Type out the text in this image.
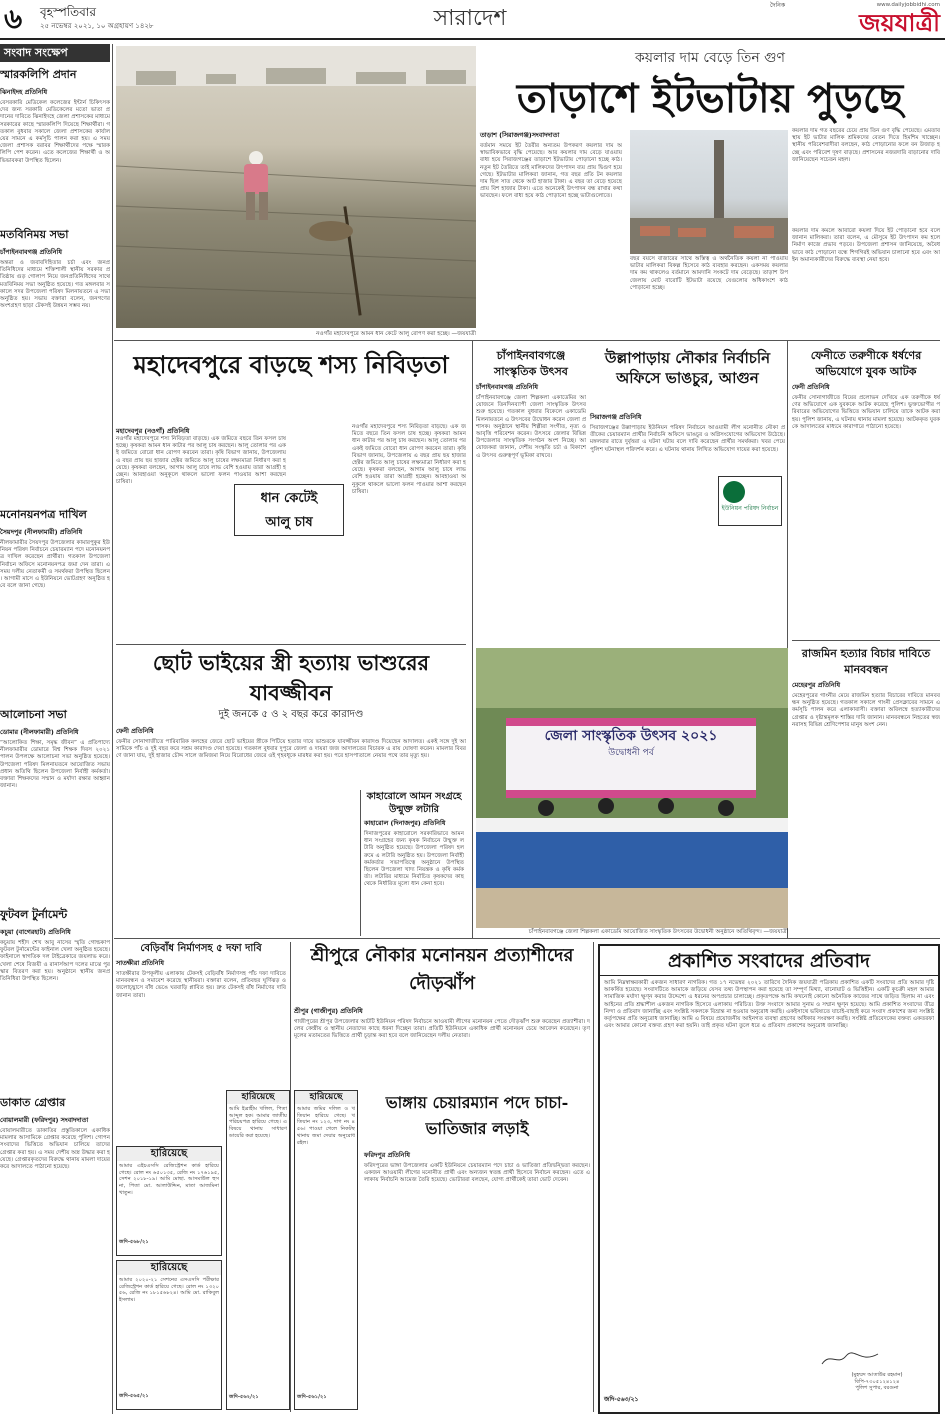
৬	বৃহস্পতিবার
২৫ নভেম্বর ২০২১, ১০ অগ্রহায়ণ ১৪২৮	সারাদেশ
দৈনিক	www.dailyjobbidhi.com
জয়যাত্রী
সংবাদ সংক্ষেপ
স্মারকলিপি প্রদান
ঝিনাইদহ প্রতিনিধি
বেসরকারি মেডিকেল কলেজের ইন্টার্ন চিকিৎসকদের জন্য সরকারি মেডিকেলের মতো ভাতা প্রদানের দাবিতে ঝিনাইদহে জেলা প্রশাসকের মাধ্যমে সরকারের কাছে স্মারকলিপি দিয়েছে শিক্ষার্থীরা। গতকাল বুধবার সকালে জেলা প্রশাসকের কার্যালয়ের সামনে এ কর্মসূচি পালন করা হয়। এ সময় জেলা প্রশাসক বরাবর শিক্ষার্থীদের পক্ষে স্মারকলিপি পেশ করেন। এতে কলেজের শিক্ষার্থী ও অভিভাবকরা উপস্থিত ছিলেন।
মতবিনিময় সভা
চাঁপাইনবাবগঞ্জ প্রতিনিধি
অন্তরা ও জবাবদিহিতার চর্চা এবং জনপ্রতিনিধিদের মাধ্যমে শক্তিশালী স্থানীয় সরকার প্রতিষ্ঠায় গুড় গোলাপ নিয়ে জনপ্রতিনিধিদের সাথে মতবিনিময় সভা অনুষ্ঠিত হয়েছে। গত মঙ্গলবার সকালে সদর উপজেলা পরিষদ মিলনায়তনে এ সভা অনুষ্ঠিত হয়। সভায় বক্তারা বলেন, জনগণের অংশগ্রহণ ছাড়া টেকসই উন্নয়ন সম্ভব নয়।
মনোনয়নপত্র দাখিল
সৈয়দপুর (নীলফামারী) প্রতিনিধি
নীলফামারীর সৈয়দপুর উপজেলার কামারপুকুর ইউনিয়ন পরিষদ নির্বাচনে চেয়ারম্যান পদে মনোনয়নপত্র দাখিল করেছেন প্রার্থীরা। গতকাল উপজেলা নির্বাচন অফিসে মনোনয়নপত্র জমা দেন তারা। এ সময় দলীয় নেতাকর্মী ও সমর্থকরা উপস্থিত ছিলেন। আগামী মাসে এ ইউনিয়নে ভোটগ্রহণ অনুষ্ঠিত হবে বলে জানা গেছে।
আলোচনা সভা
ডোমার (নীলফামারী) প্রতিনিধি
“আলোকিত শিক্ষা, সমৃদ্ধ জীবন” এ প্রতিপাদ্যে নীলফামারীর ডোমারে বিশ্ব শিক্ষক দিবস ২০২১ পালন উপলক্ষে আলোচনা সভা অনুষ্ঠিত হয়েছে। উপজেলা পরিষদ মিলনায়তনে আয়োজিত সভায় প্রধান অতিথি ছিলেন উপজেলা নির্বাহী কর্মকর্তা। বক্তারা শিক্ষকদের সম্মান ও মর্যাদা রক্ষার আহ্বান জানান।
ফুটবল টুর্নামেন্ট
কচুয়া (বাগেরহাট) প্রতিনিধি
কচুয়ায় শহীদ শেখ আবু নাসের স্মৃতি গোল্ডকাপ ফুটবল টুর্নামেন্টের ফাইনাল খেলা অনুষ্ঠিত হয়েছে। ফাইনালে স্বাগতিক দল টাইব্রেকারে জয়লাভ করে। খেলা শেষে বিজয়ী ও রানার্সআপ দলের মাঝে পুরস্কার বিতরণ করা হয়। অনুষ্ঠানে স্থানীয় জনপ্রতিনিধিরা উপস্থিত ছিলেন।
ডাকাত গ্রেপ্তার
বোয়ালমারী (ফরিদপুর) সংবাদদাতা
বোয়ালমারীতে ডাকাতির প্রস্তুতিকালে একাধিক মামলার আসামিকে গ্রেপ্তার করেছে পুলিশ। গোপন সংবাদের ভিত্তিতে অভিযান চালিয়ে তাদের গ্রেপ্তার করা হয়। এ সময় দেশীয় অস্ত্র উদ্ধার করা হয়েছে। গ্রেপ্তারকৃতদের বিরুদ্ধে থানায় মামলা দায়ের করে আদালতে পাঠানো হয়েছে।
নওগাঁর মহাদেবপুরে আমন ধান কেটে আলু রোপণ করা হচ্ছে। —জয়যাত্রী
কয়লার দাম বেড়ে তিন গুণ
তাড়াশে ইটভাটায় পুড়ছে
তাড়াশ (সিরাজগঞ্জ)সংবাদদাতা
বর্তমান সময়ে ইট তৈরীর অন্যতম উপকরণ কয়লার দাম অস্বাভাবিকভাবে বৃদ্ধি পেয়েছে। আর কয়লার দাম বেড়ে যাওয়ায় বাধ্য হয়ে সিরাজগঞ্জের তাড়াশে ইটভাটায় পোড়ানো হচ্ছে কাঠ। নতুন ইট তৈরিতে তাই মালিকদের উৎপাদন ব্যয় প্রায় দ্বিগুণ হয়ে গেছে। ইটভাটার মালিকরা জানান, গত বছর প্রতি টন কয়লার দাম ছিল সাত থেকে আট হাজার টাকা। এ বছর তা বেড়ে হয়েছে প্রায় বিশ হাজার টাকা। এতে অনেকেই উৎপাদন বন্ধ রাখার কথা ভাবছেন। ফলে বাধ্য হয়ে কাঠ পোড়ানো হচ্ছে ভাটাগুলোতে।
বছর বয়সে বাজারের সাথে অস্তিত্ব ও অর্থনৈতিক কয়লা না পাওয়ায় ভাটার মালিকরা বিকল্প হিসেবে কাঠ ব্যবহার করছেন। একসময় কয়লার দাম কম থাকলেও বর্তমানে আমদানি সংকটে দাম বেড়েছে। তাড়াশ উপজেলায় মোট বারোটি ইটভাটা রয়েছে যেগুলোর অধিকাংশে কাঠ পোড়ানো হচ্ছে।
কয়লার দাম গত বছরের চেয়ে প্রায় তিন গুণ বৃদ্ধি পেয়েছে। এমতাবস্থায় ইট ভাটার মালিক শ্রমিকদের বেতন দিতে হিমশিম খাচ্ছেন। স্থানীয় পরিবেশবাদীরা বলছেন, কাঠ পোড়ানোর ফলে বন উজাড় হচ্ছে এবং পরিবেশ দূষণ বাড়ছে। প্রশাসনের নজরদারি বাড়ানোর দাবি জানিয়েছেন সচেতন মহল।
কয়লার দাম কমলে আবারো কয়লা দিয়ে ইট পোড়ানো হবে বলে জানান মালিকরা। তারা বলেন, এ মৌসুমে ইট উৎপাদন কম হলে নির্মাণ কাজে প্রভাব পড়বে। উপজেলা প্রশাসন জানিয়েছে, অবৈধভাবে কাঠ পোড়ানো বন্ধে শিগগিরই অভিযান চালানো হবে এবং আইন অমান্যকারীদের বিরুদ্ধে ব্যবস্থা নেয়া হবে।
মহাদেবপুরে বাড়ছে শস্য নিবিড়তা
মহাদেবপুর (নওগাঁ) প্রতিনিধি
নওগাঁর মহাদেবপুরে শস্য নিবিড়তা বাড়ছে। এক জমিতে বছরে তিন ফসল চাষ হচ্ছে। কৃষকরা আমন ধান কাটার পর আলু চাষ করছেন। আলু তোলার পর একই জমিতে বোরো ধান রোপণ করবেন তারা। কৃষি বিভাগ জানায়, উপজেলায় এ বছর প্রায় ছয় হাজার হেক্টর জমিতে আলু চাষের লক্ষ্যমাত্রা নির্ধারণ করা হয়েছে। কৃষকরা বলছেন, আগাম আলু চাষে লাভ বেশি হওয়ায় তারা আগ্রহী হচ্ছেন। আবহাওয়া অনুকূলে থাকলে ভালো ফলন পাওয়ার আশা করছেন চাষিরা।
ধান কেটেই
আলু চাষ
নওগাঁর মহাদেবপুরে শস্য নিবিড়তা বাড়ছে। এক জমিতে বছরে তিন ফসল চাষ হচ্ছে। কৃষকরা আমন ধান কাটার পর আলু চাষ করছেন। আলু তোলার পর একই জমিতে বোরো ধান রোপণ করবেন তারা। কৃষি বিভাগ জানায়, উপজেলায় এ বছর প্রায় ছয় হাজার হেক্টর জমিতে আলু চাষের লক্ষ্যমাত্রা নির্ধারণ করা হয়েছে। কৃষকরা বলছেন, আগাম আলু চাষে লাভ বেশি হওয়ায় তারা আগ্রহী হচ্ছেন। আবহাওয়া অনুকূলে থাকলে ভালো ফলন পাওয়ার আশা করছেন চাষিরা।
ছোট ভাইয়ের স্ত্রী হত্যায় ভাশুরের যাবজ্জীবন
দুই জনকে ৫ ও ২ বছর করে কারাদণ্ড
ফেনী প্রতিনিধি
ফেনীর সোনাগাজীতে পারিবারিক কলহের জেরে ছোট ভাইয়ের স্ত্রীকে পিটিয়ে হত্যার দায়ে ভাশুরকে যাবজ্জীবন কারাদণ্ড দিয়েছেন আদালত। একই সঙ্গে দুই আসামিকে পাঁচ ও দুই বছর করে সশ্রম কারাদণ্ড দেয়া হয়েছে। গতকাল বুধবার দুপুরে জেলা ও দায়রা জজ আদালতের বিচারক এ রায় ঘোষণা করেন। মামলার বিবরণে জানা যায়, দুই হাজার চৌদ্দ সালে জমিজমা নিয়ে বিরোধের জেরে ওই গৃহবধূকে মারধর করা হয়। পরে হাসপাতালে নেয়ার পথে তার মৃত্যু হয়।
চাঁপাইনবাবগঞ্জে সাংস্কৃতিক উৎসব
চাঁপাইনবাবগঞ্জ প্রতিনিধি
চাঁপাইনবাবগঞ্জে জেলা শিল্পকলা একাডেমির আয়োজনে তিনদিনব্যাপী জেলা সাংস্কৃতিক উৎসব শুরু হয়েছে। গতকাল বুধবার বিকেলে একাডেমি মিলনায়তনে এ উৎসবের উদ্বোধন করেন জেলা প্রশাসক। অনুষ্ঠানে স্থানীয় শিল্পীরা সংগীত, নৃত্য ও আবৃত্তি পরিবেশন করেন। উৎসবে জেলার বিভিন্ন উপজেলার সাংস্কৃতিক সংগঠন অংশ নিচ্ছে। আয়োজকরা জানান, দেশীয় সংস্কৃতি চর্চা ও বিকাশে এ উৎসব গুরুত্বপূর্ণ ভূমিকা রাখবে।
জেলা সাংস্কৃতিক উৎসব ২০২১
উদ্বোধনী পর্ব
চাঁপাইনবাবগঞ্জে জেলা শিল্পকলা একাডেমি আয়োজিত সাংস্কৃতিক উৎসবের উদ্বোধনী অনুষ্ঠানে অতিথিবৃন্দ। —জয়যাত্রী
কাহারোলে আমন সংগ্রহে উন্মুক্ত লটারি
কাহারোল (দিনাজপুর) প্রতিনিধি
দিনাজপুরের কাহারোলে সরকারিভাবে আমন ধান সংগ্রহের জন্য কৃষক নির্বাচনে উন্মুক্ত লটারি অনুষ্ঠিত হয়েছে। উপজেলা পরিষদ হলরুমে এ লটারি অনুষ্ঠিত হয়। উপজেলা নির্বাহী কর্মকর্তার সভাপতিত্বে অনুষ্ঠানে উপস্থিত ছিলেন উপজেলা খাদ্য নিয়ন্ত্রক ও কৃষি কর্মকর্তা। লটারির মাধ্যমে নির্বাচিত কৃষকদের কাছ থেকে নির্ধারিত মূল্যে ধান কেনা হবে।
উল্লাপাড়ায় নৌকার নির্বাচনি অফিসে ভাঙচুর, আগুন
সিরাজগঞ্জ প্রতিনিধি
সিরাজগঞ্জের উল্লাপাড়ায় ইউনিয়ন পরিষদ নির্বাচনে আওয়ামী লীগ মনোনীত নৌকা প্রতীকের চেয়ারম্যান প্রার্থীর নির্বাচনি অফিসে ভাঙচুর ও অগ্নিসংযোগের অভিযোগ উঠেছে। মঙ্গলবার রাতে দুর্বৃত্তরা এ ঘটনা ঘটায় বলে দাবি করেছেন প্রার্থীর সমর্থকরা। খবর পেয়ে পুলিশ ঘটনাস্থল পরিদর্শন করে। এ ঘটনায় থানায় লিখিত অভিযোগ দায়ের করা হয়েছে।
ইউনিয়ন পরিষদ নির্বাচন
ফেনীতে তরুণীকে ধর্ষণের অভিযোগে যুবক আটক
ফেনী প্রতিনিধি
ফেনীর সোনাগাজীতে বিয়ের প্রলোভন দেখিয়ে এক তরুণীকে ধর্ষণের অভিযোগে এক যুবককে আটক করেছে পুলিশ। ভুক্তভোগীর পরিবারের অভিযোগের ভিত্তিতে অভিযান চালিয়ে তাকে আটক করা হয়। পুলিশ জানায়, এ ঘটনায় থানায় মামলা হয়েছে। আটককৃত যুবককে আদালতের মাধ্যমে কারাগারে পাঠানো হয়েছে।
রাজমিন হত্যার বিচার দাবিতে মানববন্ধন
মেহেরপুর প্রতিনিধি
মেহেরপুরের গাংনীর মেয়ে রাজমিন হত্যার বিচারের দাবিতে মানববন্ধন অনুষ্ঠিত হয়েছে। গতকাল সকালে গাংনী প্রেসক্লাবের সামনে এ কর্মসূচি পালন করে এলাকাবাসী। বক্তারা অবিলম্বে হত্যাকারীদের গ্রেপ্তার ও দৃষ্টান্তমূলক শাস্তির দাবি জানান। মানববন্ধনে নিহতের স্বজনরাসহ বিভিন্ন শ্রেণিপেশার মানুষ অংশ নেন।
বেড়িবাঁধ নির্মাণসহ ৫ দফা দাবি
সাতক্ষীরা প্রতিনিধি
সাতক্ষীরার উপকূলীয় এলাকায় টেকসই বেড়িবাঁধ নির্মাণসহ পাঁচ দফা দাবিতে মানববন্ধন ও সমাবেশ করেছে স্থানীয়রা। বক্তারা বলেন, প্রতিবছর ঘূর্ণিঝড় ও জলোচ্ছ্বাসে বাঁধ ভেঙে ঘরবাড়ি প্লাবিত হয়। দ্রুত টেকসই বাঁধ নির্মাণের দাবি জানান তারা।
শ্রীপুরে নৌকার মনোনয়ন প্রত্যাশীদের দৌড়ঝাঁপ
শ্রীপুর (গাজীপুর) প্রতিনিধি
গাজীপুরের শ্রীপুর উপজেলার আটটি ইউনিয়ন পরিষদ নির্বাচনে আওয়ামী লীগের মনোনয়ন পেতে দৌড়ঝাঁপ শুরু করেছেন প্রত্যাশীরা। দলের কেন্দ্রীয় ও স্থানীয় নেতাদের কাছে ধরনা দিচ্ছেন তারা। প্রতিটি ইউনিয়নে একাধিক প্রার্থী মনোনয়ন চেয়ে আবেদন করেছেন। তৃণমূলের মতামতের ভিত্তিতে প্রার্থী চূড়ান্ত করা হবে বলে জানিয়েছেন দলীয় নেতারা।
হারিয়েছে
আমার এইচএসসি রেজিস্ট্রেশন কার্ড হারিয়ে গেছে। রোল নং ৬৫০১৩৫, রেজি নং ১৭৬১৯৫, সেশন ২০১৮-১৯। আমি মোছা. আসমাউল হুসনা, পিতা মো. আলাউদ্দিন, মাতা আজমিনা খাতুন।
জদি-৫৬৮/২১
হারিয়েছে
আমার ২০২০-২১ সেশনের এসএসসি পরীক্ষার রেজিস্ট্রেশন কার্ড হারিয়ে গেছে। রোল নং ১৩২০৫৬, রেজি নং ১৮১৫৬৮২৪। আমি মো. রাকিবুল ইসলাম।
জদি-৫৬৫/২১
হারিয়েছে
আমি ইব্রাহীম খলিল, পিতা আব্দুল হক। আমার জাতীয় পরিচয়পত্র হারিয়ে গেছে। এ বিষয়ে থানায় সাধারণ ডায়েরি করা হয়েছে।
জদি-৫৬২/২১
হারিয়েছে
আমার জমির দলিল ও খতিয়ান হারিয়ে গেছে। খতিয়ান নং ১২৩, দাগ নং ৪৫৬। পাওয়া গেলে নিকটস্থ থানায় জমা দেয়ার অনুরোধ রইল।
জদি-৫৬১/২১
ভাঙ্গায় চেয়ারম্যান পদে চাচা-ভাতিজার লড়াই
ফরিদপুর প্রতিনিধি
ফরিদপুরের ভাঙ্গা উপজেলার একটি ইউনিয়নে চেয়ারম্যান পদে চাচা ও ভাতিজা প্রতিদ্বন্দ্বিতা করছেন। একজন আওয়ামী লীগের মনোনীত প্রার্থী এবং অন্যজন স্বতন্ত্র প্রার্থী হিসেবে নির্বাচন করছেন। এতে এলাকায় নির্বাচনি আমেজ তৈরি হয়েছে। ভোটাররা বলছেন, যোগ্য প্রার্থীকেই তারা ভোট দেবেন।
প্রকাশিত সংবাদের প্রতিবাদ
আমি নিম্নস্বাক্ষরকারী একজন সাধারণ নাগরিক। গত ১৭ নভেম্বর ২০২১ তারিখে দৈনিক জয়যাত্রী পত্রিকায় প্রকাশিত একটি সংবাদের প্রতি আমার দৃষ্টি আকর্ষিত হয়েছে। সংবাদটিতে আমাকে জড়িয়ে যেসব তথ্য উপস্থাপন করা হয়েছে তা সম্পূর্ণ মিথ্যা, বানোয়াট ও ভিত্তিহীন। একটি কুচক্রী মহল আমার সামাজিক মর্যাদা ক্ষুণ্ন করার উদ্দেশ্যে এ ধরনের অপপ্রচার চালাচ্ছে। প্রকৃতপক্ষে আমি কখনোই কোনো অনৈতিক কাজের সাথে জড়িত ছিলাম না এবং আইনের প্রতি শ্রদ্ধাশীল একজন নাগরিক হিসেবে এলাকায় পরিচিত। উক্ত সংবাদে আমার সুনাম ও সম্মান ক্ষুণ্ন হয়েছে। আমি প্রকাশিত সংবাদের তীব্র নিন্দা ও প্রতিবাদ জানাচ্ছি এবং সংশ্লিষ্ট সকলকে বিভ্রান্ত না হওয়ার অনুরোধ করছি। একইসাথে ভবিষ্যতে যাচাই-বাছাই করে সংবাদ প্রকাশের জন্য সংশ্লিষ্ট কর্তৃপক্ষের প্রতি অনুরোধ জানাচ্ছি। আমি এ বিষয়ে প্রয়োজনীয় আইনগত ব্যবস্থা গ্রহণের অধিকার সংরক্ষণ করছি। সংশ্লিষ্ট প্রতিবেদকের বক্তব্য একতরফা এবং আমার কোনো বক্তব্য গ্রহণ করা হয়নি। তাই প্রকৃত ঘটনা তুলে ধরে এ প্রতিবাদ প্রকাশের অনুরোধ জানাচ্ছি।
জদি-৫৬৩/২১
(মুহম্মদ আতাউর রহমান)
বিপি-৭৩০৫১২৪১২৪
পুলিশ সুপার, বরগুনা
